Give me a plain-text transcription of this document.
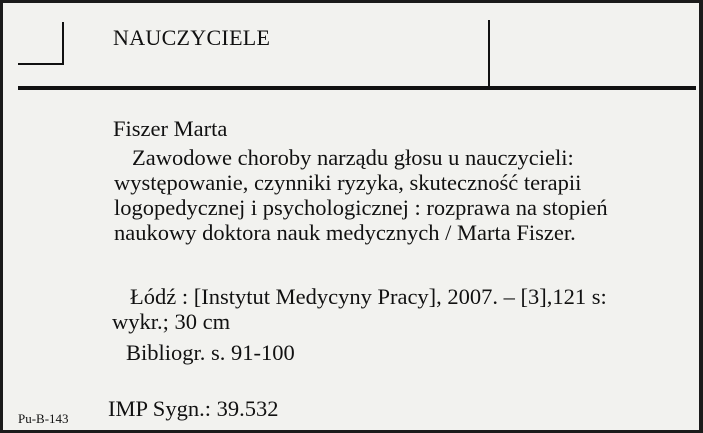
NAUCZYCIELE
Fiszer Marta
Zawodowe choroby narządu głosu u nauczycieli: występowanie, czynniki ryzyka, skuteczność terapii logopedycznej i psychologicznej : rozprawa na stopień naukowy doktora nauk medycznych / Marta Fiszer.
Łódź : [Instytut Medycyny Pracy], 2007. – [3],121 s: wykr.; 30 cm
Bibliogr. s. 91-100
Pu-B-143 IMP Sygn.: 39.532
